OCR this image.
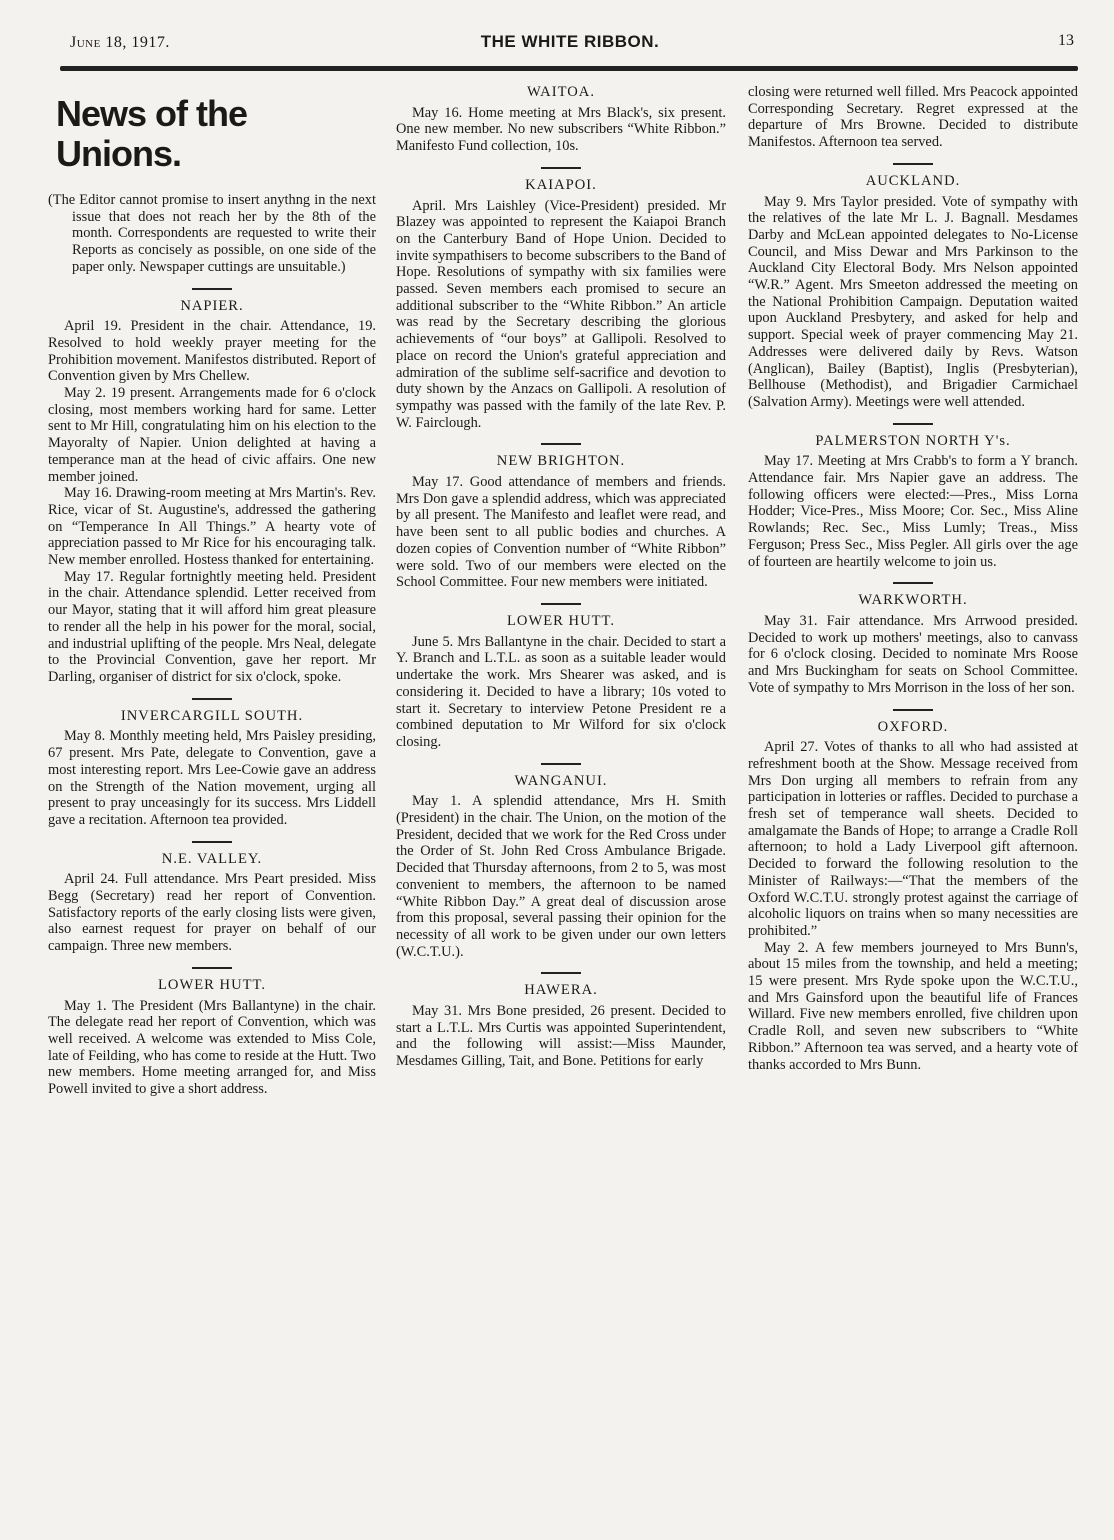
June 18, 1917.	THE WHITE RIBBON.	13
News of the Unions.

(The Editor cannot promise to insert anythng in the next issue that does not reach her by the 8th of the month. Correspondents are requested to write their Reports as concisely as possible, on one side of the paper only. Newspaper cuttings are unsuitable.)

NAPIER.

April 19. President in the chair. Attendance, 19. Resolved to hold weekly prayer meeting for the Prohibition movement. Manifestos distributed. Report of Convention given by Mrs Chellew.

May 2. 19 present. Arrangements made for 6 o'clock closing, most members working hard for same. Letter sent to Mr Hill, congratulating him on his election to the Mayoralty of Napier. Union delighted at having a temperance man at the head of civic affairs. One new member joined.

May 16. Drawing-room meeting at Mrs Martin's. Rev. Rice, vicar of St. Augustine's, addressed the gathering on “Temperance In All Things.” A hearty vote of appreciation passed to Mr Rice for his encouraging talk. New member enrolled. Hostess thanked for entertaining.

May 17. Regular fortnightly meeting held. President in the chair. Attendance splendid. Letter received from our Mayor, stating that it will afford him great pleasure to render all the help in his power for the moral, social, and industrial uplifting of the people. Mrs Neal, delegate to the Provincial Convention, gave her report. Mr Darling, organiser of district for six o'clock, spoke.

INVERCARGILL SOUTH.

May 8. Monthly meeting held, Mrs Paisley presiding, 67 present. Mrs Pate, delegate to Convention, gave a most interesting report. Mrs Lee-Cowie gave an address on the Strength of the Nation movement, urging all present to pray unceasingly for its success. Mrs Liddell gave a recitation. Afternoon tea provided.

N.E. VALLEY.

April 24. Full attendance. Mrs Peart presided. Miss Begg (Secretary) read her report of Convention. Satisfactory reports of the early closing lists were given, also earnest request for prayer on behalf of our campaign. Three new members.

LOWER HUTT.

May 1. The President (Mrs Ballantyne) in the chair. The delegate read her report of Convention, which was well received. A welcome was extended to Miss Cole, late of Feilding, who has come to reside at the Hutt. Two new members. Home meeting arranged for, and Miss Powell invited to give a short address.

WAITOA.

May 16. Home meeting at Mrs Black's, six present. One new member. No new subscribers “White Ribbon.” Manifesto Fund collection, 10s.

KAIAPOI.

April. Mrs Laishley (Vice-President) presided. Mr Blazey was appointed to represent the Kaiapoi Branch on the Canterbury Band of Hope Union. Decided to invite sympathisers to become subscribers to the Band of Hope. Resolutions of sympathy with six families were passed. Seven members each promised to secure an additional subscriber to the “White Ribbon.” An article was read by the Secretary describing the glorious achievements of “our boys” at Gallipoli. Resolved to place on record the Union's grateful appreciation and admiration of the sublime self-sacrifice and devotion to duty shown by the Anzacs on Gallipoli. A resolution of sympathy was passed with the family of the late Rev. P. W. Fairclough.

NEW BRIGHTON.

May 17. Good attendance of members and friends. Mrs Don gave a splendid address, which was appreciated by all present. The Manifesto and leaflet were read, and have been sent to all public bodies and churches. A dozen copies of Convention number of “White Ribbon” were sold. Two of our members were elected on the School Committee. Four new members were initiated.

LOWER HUTT.

June 5. Mrs Ballantyne in the chair. Decided to start a Y. Branch and L.T.L. as soon as a suitable leader would undertake the work. Mrs Shearer was asked, and is considering it. Decided to have a library; 10s voted to start it. Secretary to interview Petone President re a combined deputation to Mr Wilford for six o'clock closing.

WANGANUI.

May 1. A splendid attendance, Mrs H. Smith (President) in the chair. The Union, on the motion of the President, decided that we work for the Red Cross under the Order of St. John Red Cross Ambulance Brigade. Decided that Thursday afternoons, from 2 to 5, was most convenient to members, the afternoon to be named “White Ribbon Day.” A great deal of discussion arose from this proposal, several passing their opinion for the necessity of all work to be given under our own letters (W.C.T.U.).

HAWERA.

May 31. Mrs Bone presided, 26 present. Decided to start a L.T.L. Mrs Curtis was appointed Superintendent, and the following will assist:—Miss Maunder, Mesdames Gilling, Tait, and Bone. Petitions for early

closing were returned well filled. Mrs Peacock appointed Corresponding Secretary. Regret expressed at the departure of Mrs Browne. Decided to distribute Manifestos. Afternoon tea served.

AUCKLAND.

May 9. Mrs Taylor presided. Vote of sympathy with the relatives of the late Mr L. J. Bagnall. Mesdames Darby and McLean appointed delegates to No-License Council, and Miss Dewar and Mrs Parkinson to the Auckland City Electoral Body. Mrs Nelson appointed “W.R.” Agent. Mrs Smeeton addressed the meeting on the National Prohibition Campaign. Deputation waited upon Auckland Presbytery, and asked for help and support. Special week of prayer commencing May 21. Addresses were delivered daily by Revs. Watson (Anglican), Bailey (Baptist), Inglis (Presbyterian), Bellhouse (Methodist), and Brigadier Carmichael (Salvation Army). Meetings were well attended.

PALMERSTON NORTH Y's.

May 17. Meeting at Mrs Crabb's to form a Y branch. Attendance fair. Mrs Napier gave an address. The following officers were elected:—Pres., Miss Lorna Hodder; Vice-Pres., Miss Moore; Cor. Sec., Miss Aline Rowlands; Rec. Sec., Miss Lumly; Treas., Miss Ferguson; Press Sec., Miss Pegler. All girls over the age of fourteen are heartily welcome to join us.

WARKWORTH.

May 31. Fair attendance. Mrs Arrwood presided. Decided to work up mothers' meetings, also to canvass for 6 o'clock closing. Decided to nominate Mrs Roose and Mrs Buckingham for seats on School Committee. Vote of sympathy to Mrs Morrison in the loss of her son.

OXFORD.

April 27. Votes of thanks to all who had assisted at refreshment booth at the Show. Message received from Mrs Don urging all members to refrain from any participation in lotteries or raffles. Decided to purchase a fresh set of temperance wall sheets. Decided to amalgamate the Bands of Hope; to arrange a Cradle Roll afternoon; to hold a Lady Liverpool gift afternoon. Decided to forward the following resolution to the Minister of Railways:—“That the members of the Oxford W.C.T.U. strongly protest against the carriage of alcoholic liquors on trains when so many necessities are prohibited.”

May 2. A few members journeyed to Mrs Bunn's, about 15 miles from the township, and held a meeting; 15 were present. Mrs Ryde spoke upon the W.C.T.U., and Mrs Gainsford upon the beautiful life of Frances Willard. Five new members enrolled, five children upon Cradle Roll, and seven new subscribers to “White Ribbon.” Afternoon tea was served, and a hearty vote of thanks accorded to Mrs Bunn.
